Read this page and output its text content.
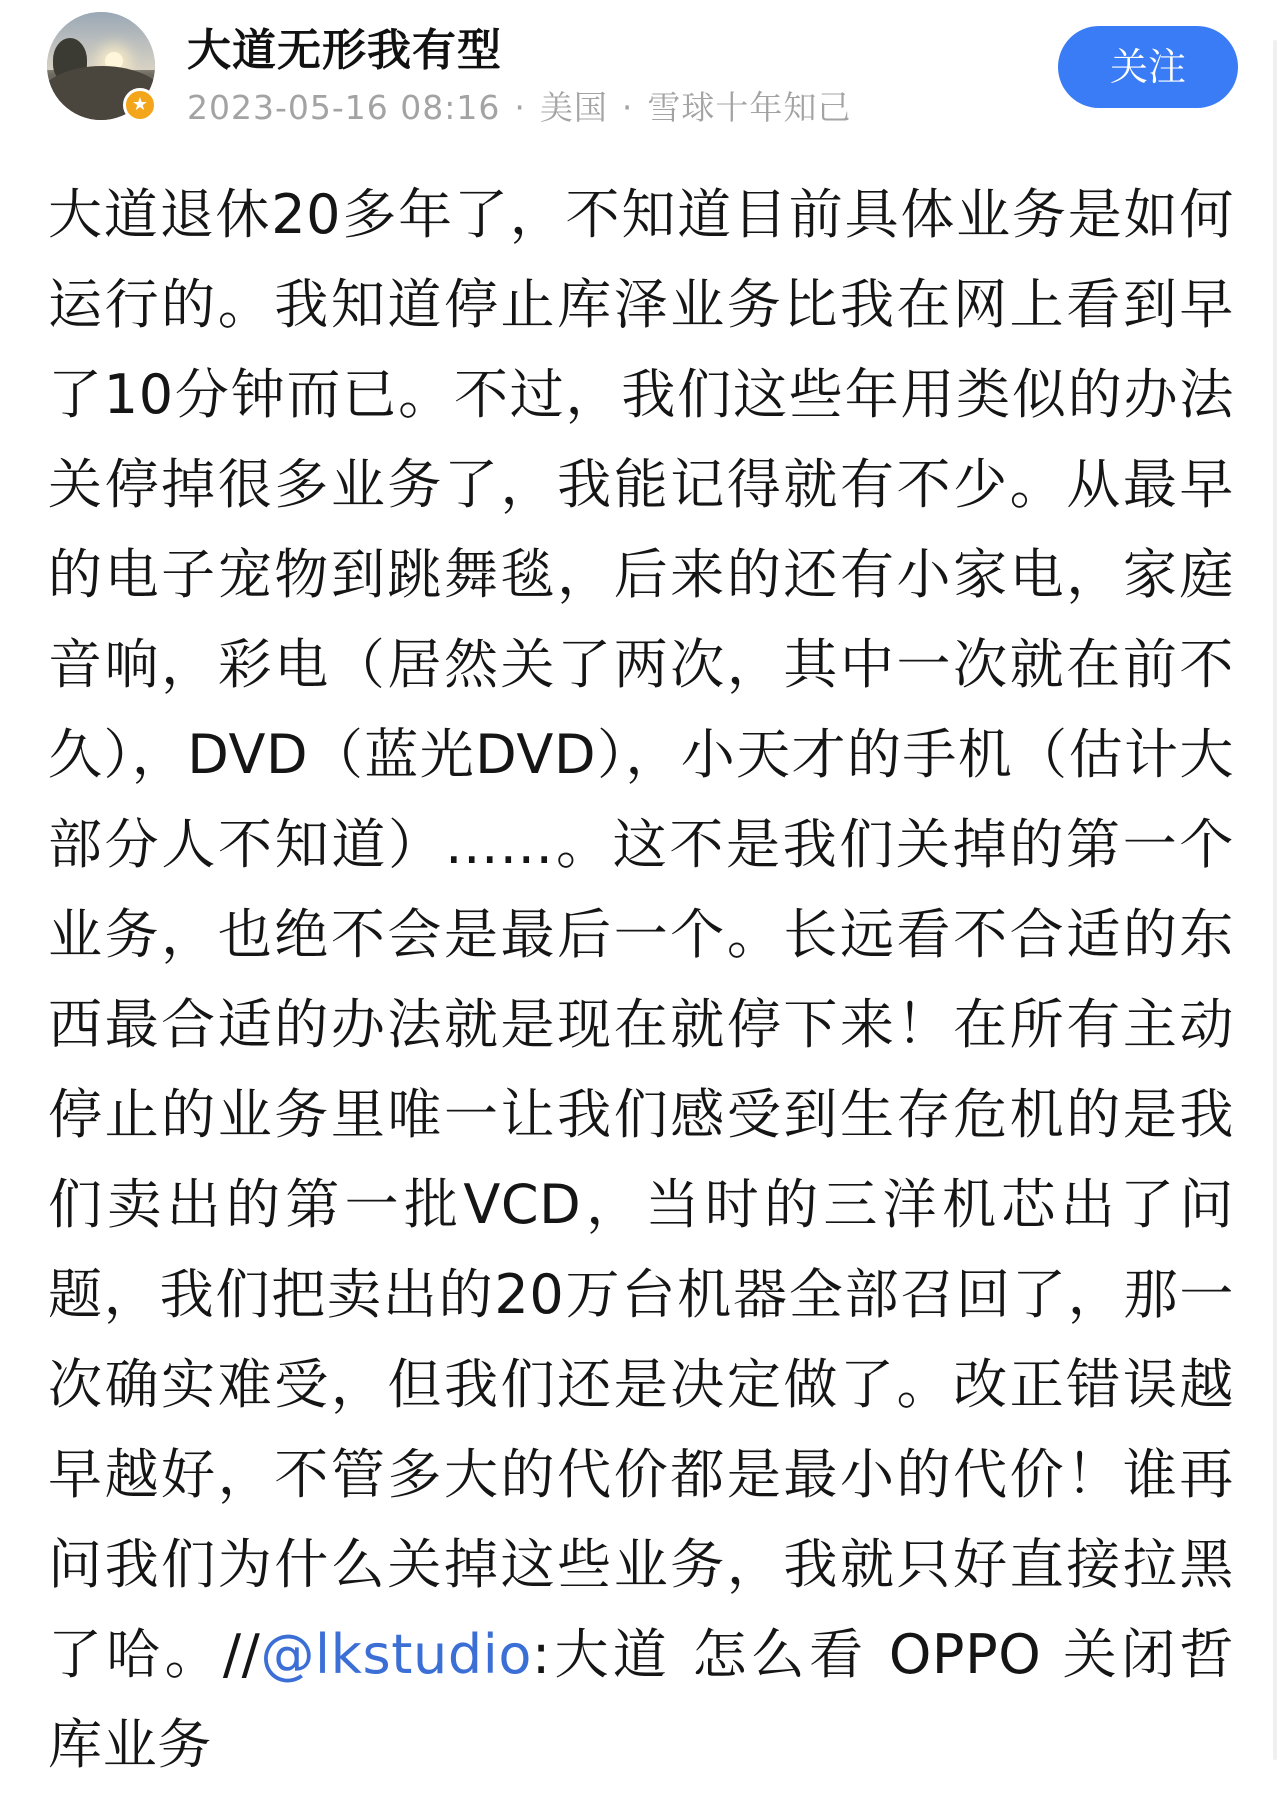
★
大道无形我有型
2023-05-16 08:16 · 美国 · 雪球十年知己
关注
大道退休20多年了，不知道目前具体业务是如何运行的。我知道停止库泽业务比我在网上看到早了10分钟而已。不过，我们这些年用类似的办法关停掉很多业务了，我能记得就有不少。从最早的电子宠物到跳舞毯，后来的还有小家电，家庭音响，彩电（居然关了两次，其中一次就在前不久），DVD（蓝光DVD），小天才的手机（估计大部分人不知道）……。这不是我们关掉的第一个业务，也绝不会是最后一个。长远看不合适的东西最合适的办法就是现在就停下来！在所有主动停止的业务里唯一让我们感受到生存危机的是我们卖出的第一批VCD，当时的三洋机芯出了问题，我们把卖出的20万台机器全部召回了，那一次确实难受，但我们还是决定做了。改正错误越早越好，不管多大的代价都是最小的代价！谁再问我们为什么关掉这些业务，我就只好直接拉黑了哈。//@lkstudio:大道 怎么看 OPPO 关闭哲库业务
